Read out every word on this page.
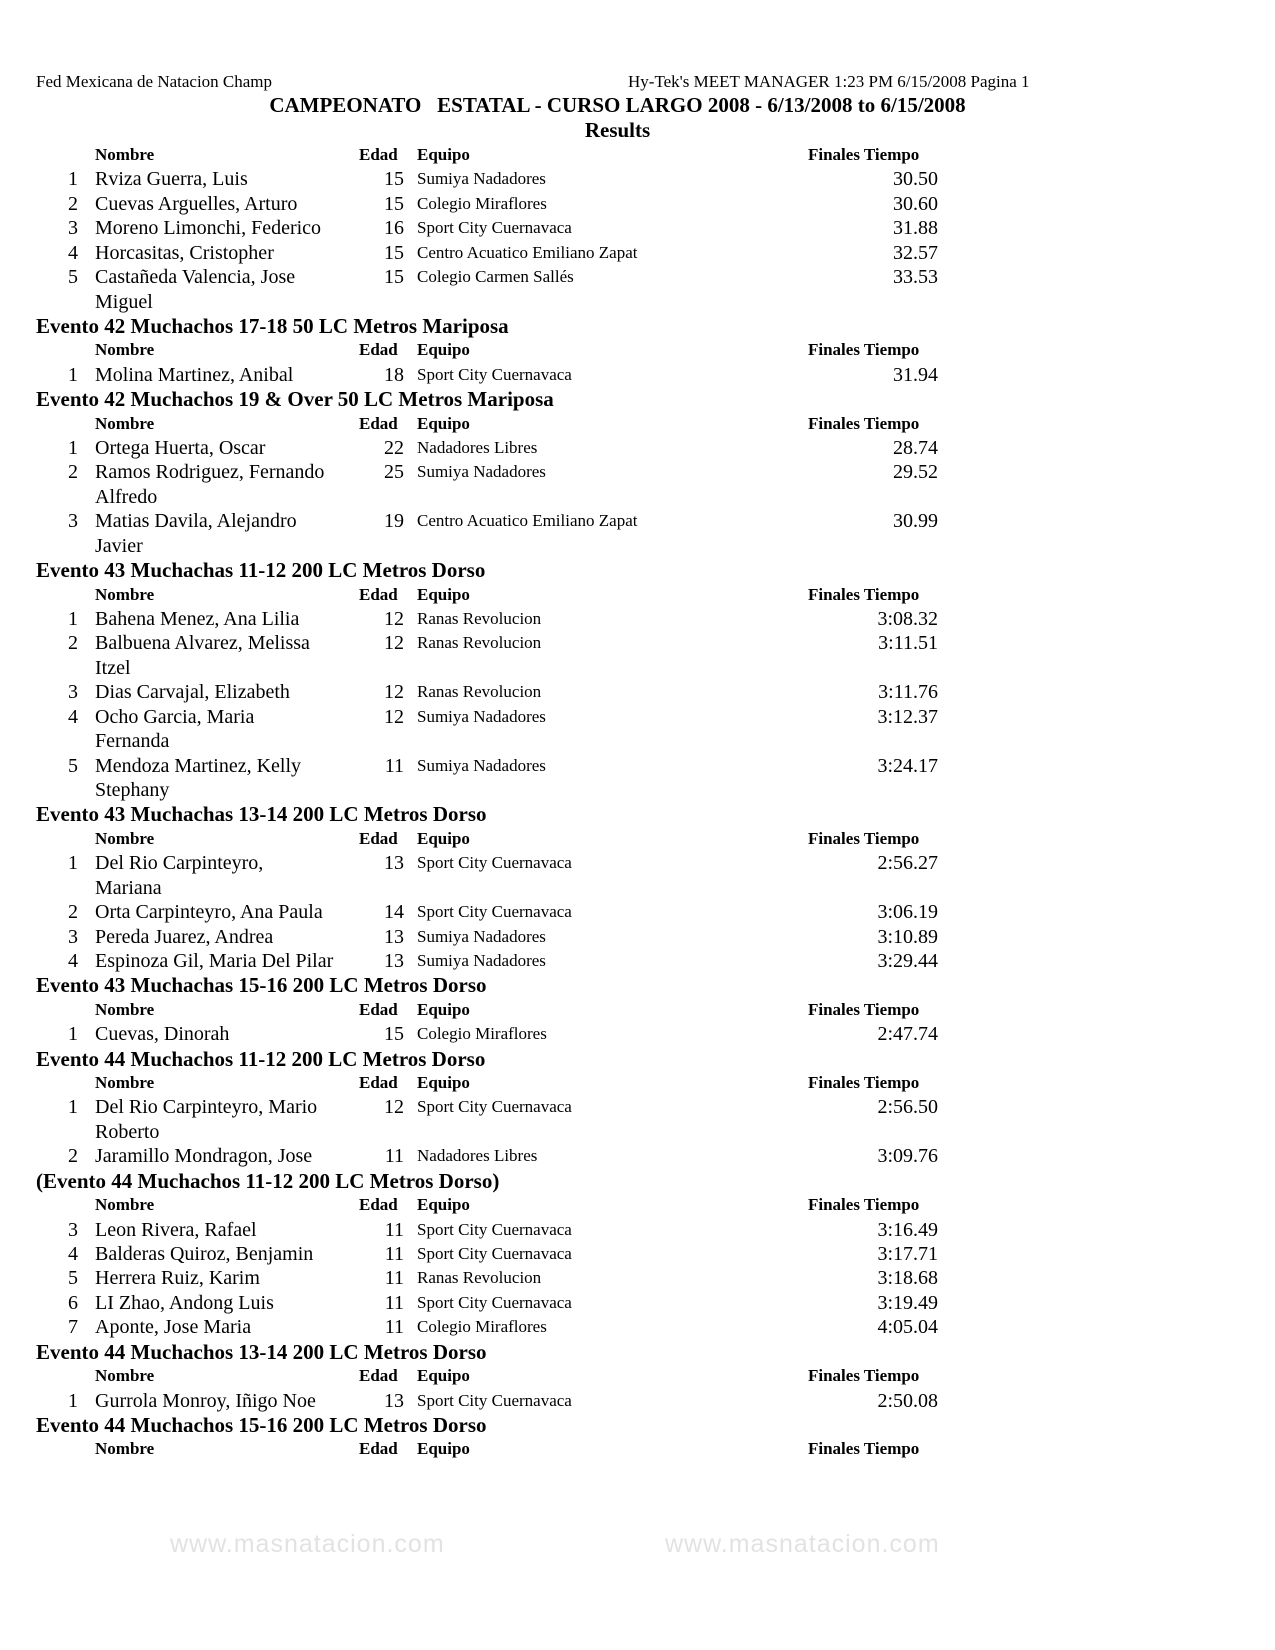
Fed Mexicana de Natacion Champ	Hy-Tek's MEET MANAGER 1:23 PM 6/15/2008 Pagina 1
CAMPEONATO   ESTATAL - CURSO LARGO 2008 - 6/13/2008 to 6/15/2008
Results
Nombre	Edad Equipo	Finales Tiempo
1 Rviza Guerra, Luis	15 Sumiya Nadadores	30.50
2 Cuevas Arguelles, Arturo	15 Colegio Miraflores	30.60
3 Moreno Limonchi, Federico	16 Sport City Cuernavaca	31.88
4 Horcasitas, Cristopher	15 Centro Acuatico Emiliano Zapat	32.57
5 Castañeda Valencia, Jose	15 Colegio Carmen Sallés	33.53
Miguel
Evento 42 Muchachos 17-18 50 LC Metros Mariposa
Nombre	Edad Equipo	Finales Tiempo
1 Molina Martinez, Anibal	18 Sport City Cuernavaca	31.94
Evento 42 Muchachos 19 & Over 50 LC Metros Mariposa
Nombre	Edad Equipo	Finales Tiempo
1 Ortega Huerta, Oscar	22 Nadadores Libres	28.74
2 Ramos Rodriguez, Fernando	25 Sumiya Nadadores	29.52
Alfredo
3 Matias Davila, Alejandro	19 Centro Acuatico Emiliano Zapat	30.99
Javier
Evento 43 Muchachas 11-12 200 LC Metros Dorso
Nombre	Edad Equipo	Finales Tiempo
1 Bahena Menez, Ana Lilia	12 Ranas Revolucion	3:08.32
2 Balbuena Alvarez, Melissa	12 Ranas Revolucion	3:11.51
Itzel
3 Dias Carvajal, Elizabeth	12 Ranas Revolucion	3:11.76
4 Ocho Garcia, Maria	12 Sumiya Nadadores	3:12.37
Fernanda
5 Mendoza Martinez, Kelly	11 Sumiya Nadadores	3:24.17
Stephany
Evento 43 Muchachas 13-14 200 LC Metros Dorso
Nombre	Edad Equipo	Finales Tiempo
1 Del Rio Carpinteyro,	13 Sport City Cuernavaca	2:56.27
Mariana
2 Orta Carpinteyro, Ana Paula	14 Sport City Cuernavaca	3:06.19
3 Pereda Juarez, Andrea	13 Sumiya Nadadores	3:10.89
4 Espinoza Gil, Maria Del Pilar	13 Sumiya Nadadores	3:29.44
Evento 43 Muchachas 15-16 200 LC Metros Dorso
Nombre	Edad Equipo	Finales Tiempo
1 Cuevas, Dinorah	15 Colegio Miraflores	2:47.74
Evento 44 Muchachos 11-12 200 LC Metros Dorso
Nombre	Edad Equipo	Finales Tiempo
1 Del Rio Carpinteyro, Mario	12 Sport City Cuernavaca	2:56.50
Roberto
2 Jaramillo Mondragon, Jose	11 Nadadores Libres	3:09.76
(Evento 44 Muchachos 11-12 200 LC Metros Dorso)
Nombre	Edad Equipo	Finales Tiempo
3 Leon Rivera, Rafael	11 Sport City Cuernavaca	3:16.49
4 Balderas Quiroz, Benjamin	11 Sport City Cuernavaca	3:17.71
5 Herrera Ruiz, Karim	11 Ranas Revolucion	3:18.68
6 LI Zhao, Andong Luis	11 Sport City Cuernavaca	3:19.49
7 Aponte, Jose Maria	11 Colegio Miraflores	4:05.04
Evento 44 Muchachos 13-14 200 LC Metros Dorso
Nombre	Edad Equipo	Finales Tiempo
1 Gurrola Monroy, Iñigo Noe	13 Sport City Cuernavaca	2:50.08
Evento 44 Muchachos 15-16 200 LC Metros Dorso
Nombre	Edad Equipo	Finales Tiempo
www.masnatacion.com	www.masnatacion.com
